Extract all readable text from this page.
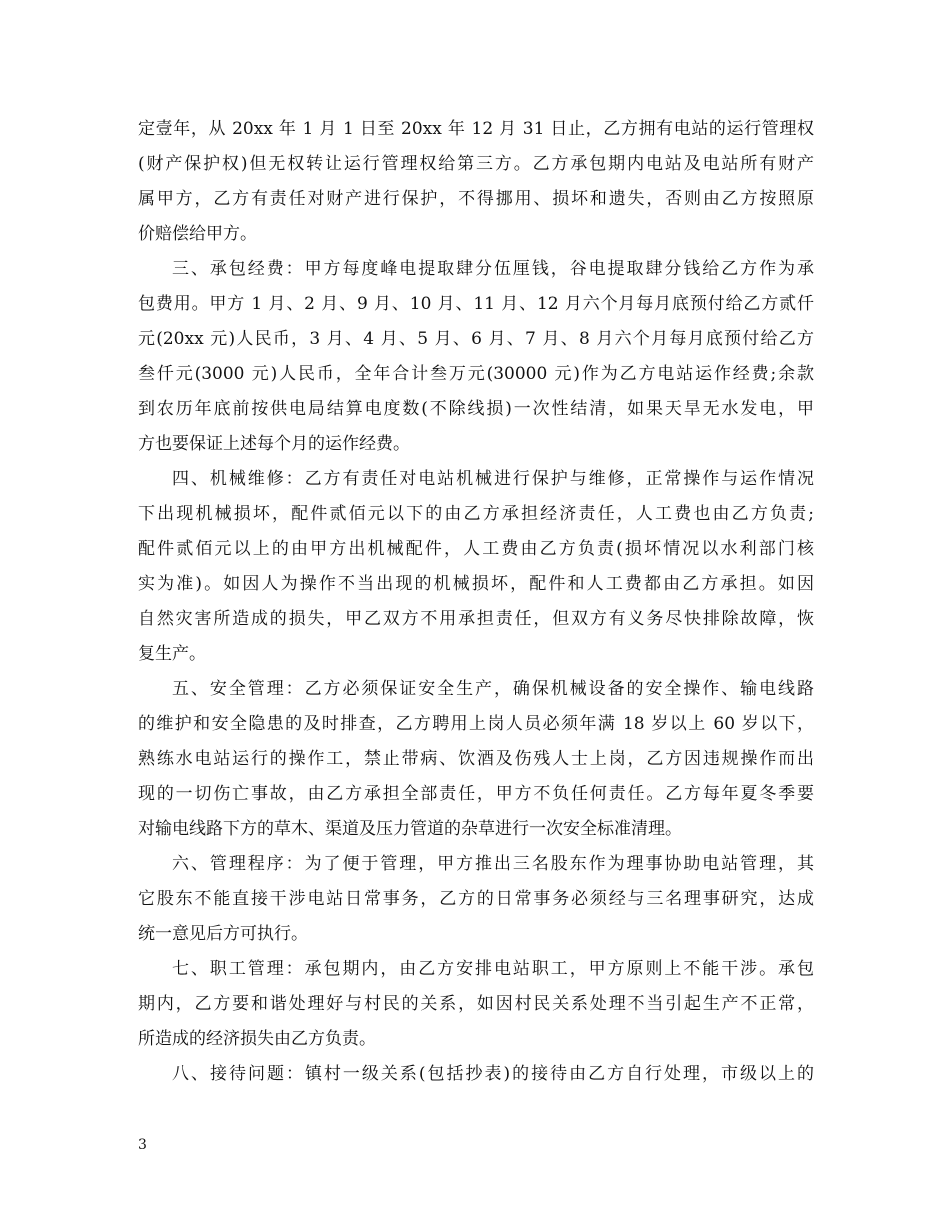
定壹年，从 20xx 年 1 月 1 日至 20xx 年 12 月 31 日止，乙方拥有电站的运行管理权
(财产保护权)但无权转让运行管理权给第三方。乙方承包期内电站及电站所有财产
属甲方，乙方有责任对财产进行保护，不得挪用、损坏和遗失，否则由乙方按照原
价赔偿给甲方。
三、承包经费：甲方每度峰电提取肆分伍厘钱，谷电提取肆分钱给乙方作为承
包费用。甲方 1 月、2 月、9 月、10 月、11 月、12 月六个月每月底预付给乙方贰仟
元(20xx 元)人民币，3 月、4 月、5 月、6 月、7 月、8 月六个月每月底预付给乙方
叁仟元(3000 元)人民币，全年合计叁万元(30000 元)作为乙方电站运作经费;余款
到农历年底前按供电局结算电度数(不除线损)一次性结清，如果天旱无水发电，甲
方也要保证上述每个月的运作经费。
四、机械维修：乙方有责任对电站机械进行保护与维修，正常操作与运作情况
下出现机械损坏，配件贰佰元以下的由乙方承担经济责任，人工费也由乙方负责;
配件贰佰元以上的由甲方出机械配件，人工费由乙方负责(损坏情况以水利部门核
实为准)。如因人为操作不当出现的机械损坏，配件和人工费都由乙方承担。如因
自然灾害所造成的损失，甲乙双方不用承担责任，但双方有义务尽快排除故障，恢
复生产。
五、安全管理：乙方必须保证安全生产，确保机械设备的安全操作、输电线路
的维护和安全隐患的及时排查，乙方聘用上岗人员必须年满 18 岁以上 60 岁以下，
熟练水电站运行的操作工，禁止带病、饮酒及伤残人士上岗，乙方因违规操作而出
现的一切伤亡事故，由乙方承担全部责任，甲方不负任何责任。乙方每年夏冬季要
对输电线路下方的草木、渠道及压力管道的杂草进行一次安全标准清理。
六、管理程序：为了便于管理，甲方推出三名股东作为理事协助电站管理，其
它股东不能直接干涉电站日常事务，乙方的日常事务必须经与三名理事研究，达成
统一意见后方可执行。
七、职工管理：承包期内，由乙方安排电站职工，甲方原则上不能干涉。承包
期内，乙方要和谐处理好与村民的关系，如因村民关系处理不当引起生产不正常，
所造成的经济损失由乙方负责。
八、接待问题：镇村一级关系(包括抄表)的接待由乙方自行处理，市级以上的
3
